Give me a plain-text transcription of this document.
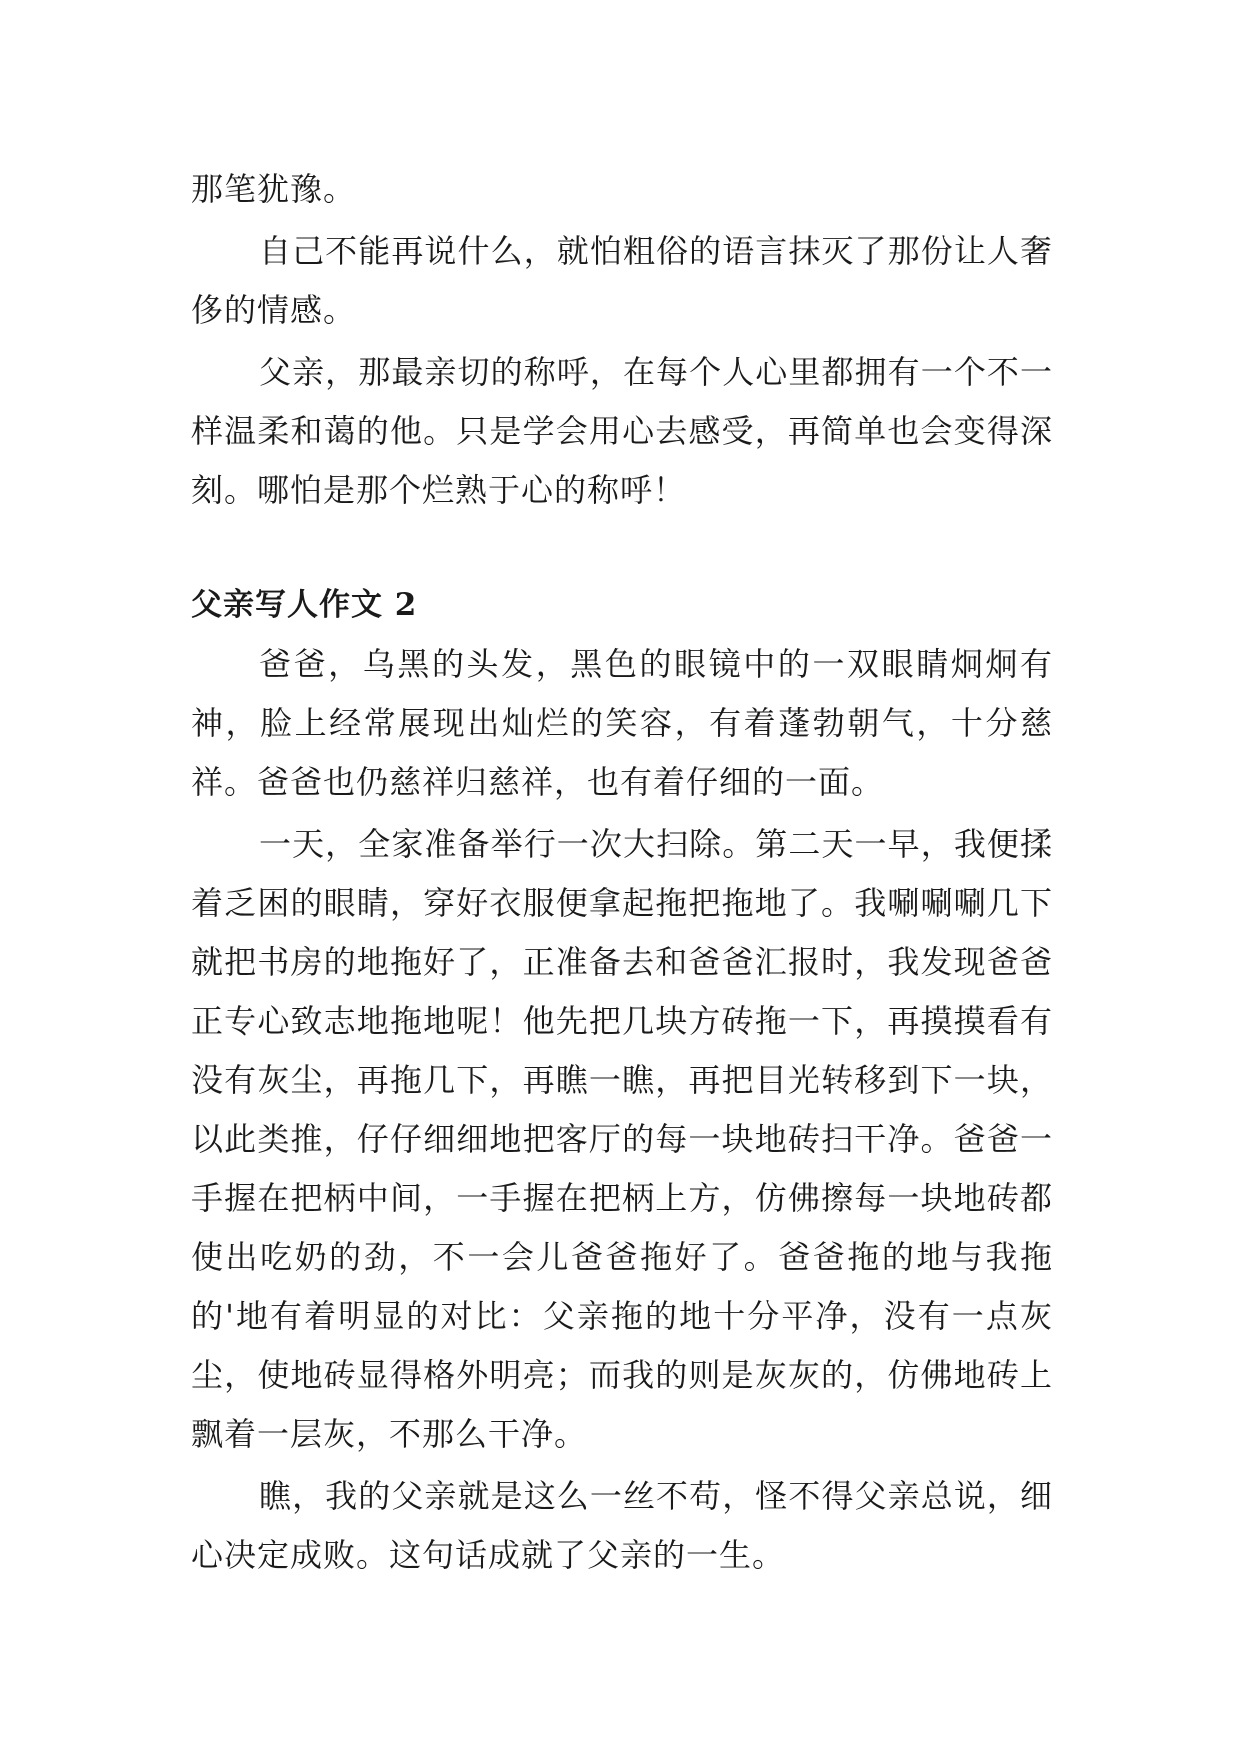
那笔犹豫。

自己不能再说什么，就怕粗俗的语言抹灭了那份让人奢侈的情感。

父亲，那最亲切的称呼，在每个人心里都拥有一个不一样温柔和蔼的他。只是学会用心去感受，再简单也会变得深刻。哪怕是那个烂熟于心的称呼！

父亲写人作文 2

爸爸，乌黑的头发，黑色的眼镜中的一双眼睛炯炯有神，脸上经常展现出灿烂的笑容，有着蓬勃朝气，十分慈祥。爸爸也仍慈祥归慈祥，也有着仔细的一面。

一天，全家准备举行一次大扫除。第二天一早，我便揉着乏困的眼睛，穿好衣服便拿起拖把拖地了。我唰唰唰几下就把书房的地拖好了，正准备去和爸爸汇报时，我发现爸爸正专心致志地拖地呢！他先把几块方砖拖一下，再摸摸看有没有灰尘，再拖几下，再瞧一瞧，再把目光转移到下一块，以此类推，仔仔细细地把客厅的每一块地砖扫干净。爸爸一手握在把柄中间，一手握在把柄上方，仿佛擦每一块地砖都使出吃奶的劲，不一会儿爸爸拖好了。爸爸拖的地与我拖的'地有着明显的对比：父亲拖的地十分平净，没有一点灰尘，使地砖显得格外明亮；而我的则是灰灰的，仿佛地砖上飘着一层灰，不那么干净。

瞧，我的父亲就是这么一丝不苟，怪不得父亲总说，细心决定成败。这句话成就了父亲的一生。
